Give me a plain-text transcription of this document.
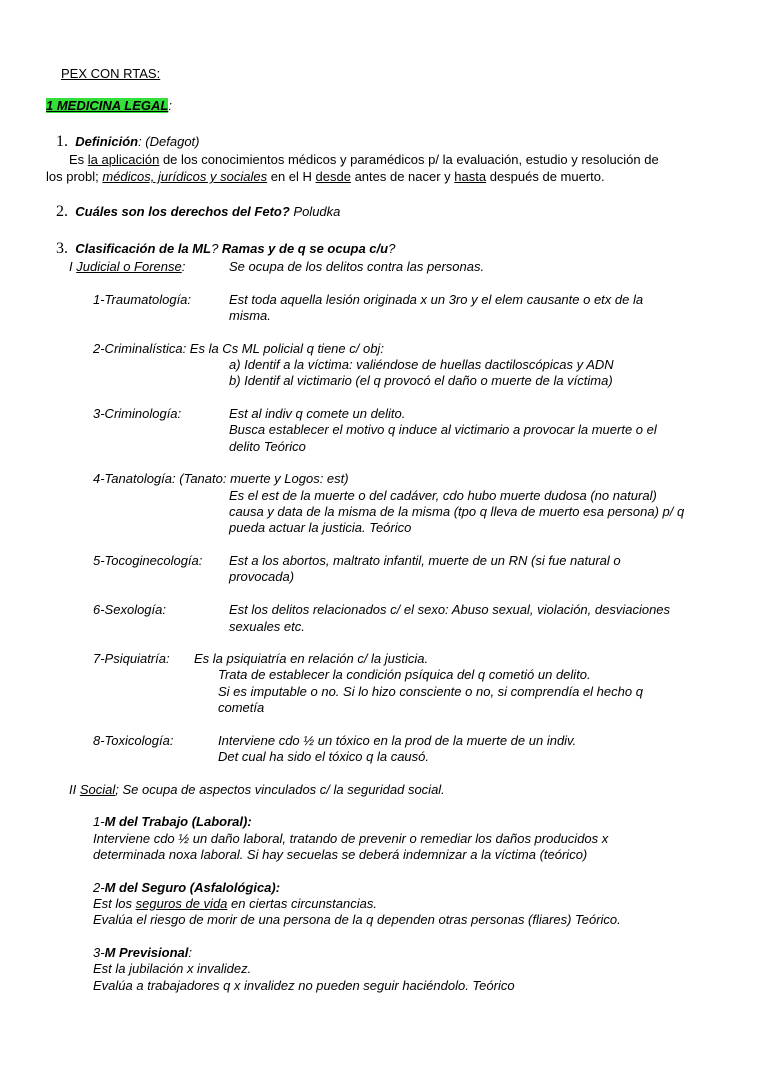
PEX CON RTAS:
1 MEDICINA LEGAL:
1. Definición: (Defagot)
Es la aplicación de los conocimientos médicos y paramédicos p/ la evaluación, estudio y resolución de
los probl; médicos, jurídicos y sociales en el H desde antes de nacer y hasta después de muerto.
2. Cuáles son los derechos del Feto? Poludka
3. Clasificación de la ML? Ramas y de q se ocupa c/u?
I Judicial o Forense:	Se ocupa de los delitos contra las personas.
1-Traumatología:	Est toda aquella lesión originada x un 3ro y el elem causante o etx de la
misma.
2-Criminalística: Es la Cs ML policial q tiene c/ obj:
a) Identif a la víctima: valiéndose de huellas dactiloscópicas y ADN
b) Identif al victimario (el q provocó el daño o muerte de la víctima)
3-Criminología:	Est al indiv q comete un delito.
Busca establecer el motivo q induce al victimario a provocar la muerte o el
delito Teórico
4-Tanatología: (Tanato: muerte y Logos: est)
Es el est de la muerte o del cadáver, cdo hubo muerte dudosa (no natural)
causa y data de la misma de la misma (tpo q lleva de muerto esa persona) p/ q
pueda actuar la justicia. Teórico
5-Tocoginecología: Est a los abortos, maltrato infantil, muerte de un RN (si fue natural o
provocada)
6-Sexología:	Est los delitos relacionados c/ el sexo: Abuso sexual, violación, desviaciones
sexuales etc.
7-Psiquiatría: Es la psiquiatría en relación c/ la justicia.
Trata de establecer la condición psíquica del q cometió un delito.
Si es imputable o no. Si lo hizo consciente o no, si comprendía el hecho q
cometía
8-Toxicología:	Interviene cdo ½ un tóxico en la prod de la muerte de un indiv.
Det cual ha sido el tóxico q la causó.
II Social; Se ocupa de aspectos vinculados c/ la seguridad social.
1-M del Trabajo (Laboral):
Interviene cdo ½ un daño laboral, tratando de prevenir o remediar los daños producidos x
determinada noxa laboral. Si hay secuelas se deberá indemnizar a la víctima (teórico)
2-M del Seguro (Asfalológica):
Est los seguros de vida en ciertas circunstancias.
Evalúa el riesgo de morir de una persona de la q dependen otras personas (fliares) Teórico.
3-M Previsional:
Est la jubilación x invalidez.
Evalúa a trabajadores q x invalidez no pueden seguir haciéndolo. Teórico
